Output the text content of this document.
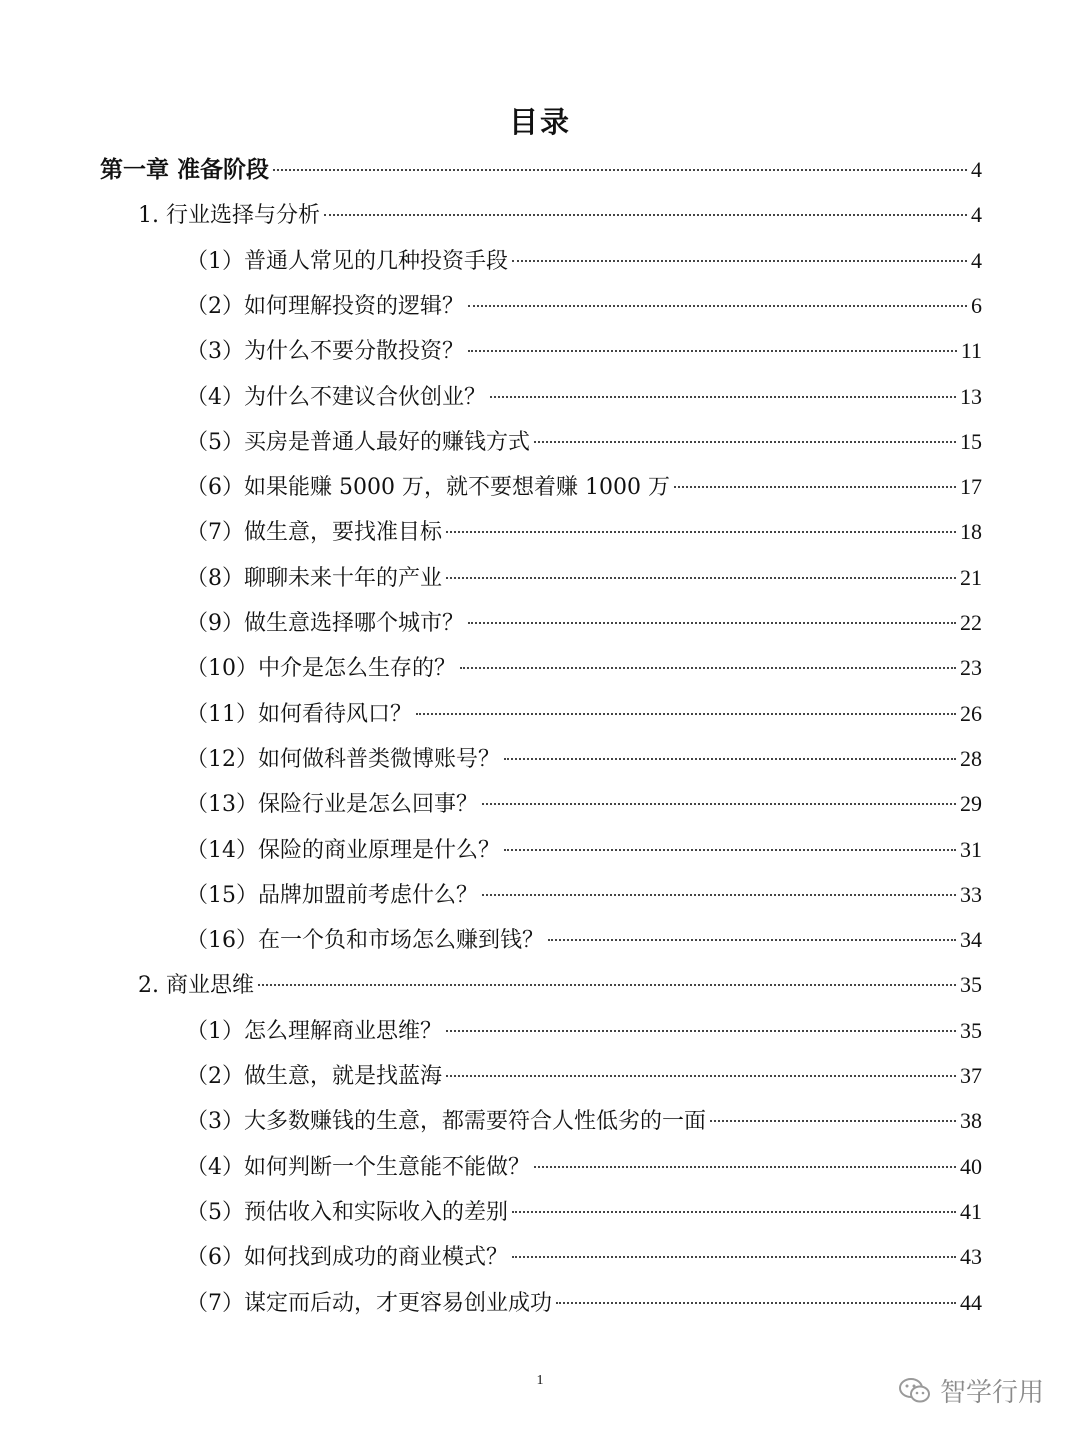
目录
第一章 准备阶段	4
1. 行业选择与分析	4
（1）普通人常见的几种投资手段	4
（2）如何理解投资的逻辑？	6
（3）为什么不要分散投资？	11
（4）为什么不建议合伙创业？	13
（5）买房是普通人最好的赚钱方式	15
（6）如果能赚 5000 万，就不要想着赚 1000 万	17
（7）做生意，要找准目标	18
（8）聊聊未来十年的产业	21
（9）做生意选择哪个城市？	22
（10）中介是怎么生存的？	23
（11）如何看待风口？	26
（12）如何做科普类微博账号？	28
（13）保险行业是怎么回事？	29
（14）保险的商业原理是什么？	31
（15）品牌加盟前考虑什么？	33
（16）在一个负和市场怎么赚到钱？	34
2. 商业思维	35
（1）怎么理解商业思维？	35
（2）做生意，就是找蓝海	37
（3）大多数赚钱的生意，都需要符合人性低劣的一面	38
（4）如何判断一个生意能不能做？	40
（5）预估收入和实际收入的差别	41
（6）如何找到成功的商业模式？	43
（7）谋定而后动，才更容易创业成功	44
1	智学行用
